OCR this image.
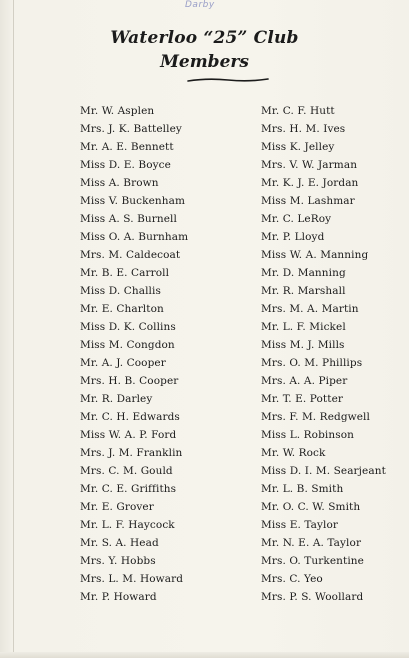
Darby
Waterloo “25” Club
Members
Mr. W. Asplen
Mrs. J. K. Battelley
Mr. A. E. Bennett
Miss D. E. Boyce
Miss A. Brown
Miss V. Buckenham
Miss A. S. Burnell
Miss O. A. Burnham
Mrs. M. Caldecoat
Mr. B. E. Carroll
Miss D. Challis
Mr. E. Charlton
Miss D. K. Collins
Miss M. Congdon
Mr. A. J. Cooper
Mrs. H. B. Cooper
Mr. R. Darley
Mr. C. H. Edwards
Miss W. A. P. Ford
Mrs. J. M. Franklin
Mrs. C. M. Gould
Mr. C. E. Griffiths
Mr. E. Grover
Mr. L. F. Haycock
Mr. S. A. Head
Mrs. Y. Hobbs
Mrs. L. M. Howard
Mr. P. Howard
Mr. C. F. Hutt
Mrs. H. M. Ives
Miss K. Jelley
Mrs. V. W. Jarman
Mr. K. J. E. Jordan
Miss M. Lashmar
Mr. C. LeRoy
Mr. P. Lloyd
Miss W. A. Manning
Mr. D. Manning
Mr. R. Marshall
Mrs. M. A. Martin
Mr. L. F. Mickel
Miss M. J. Mills
Mrs. O. M. Phillips
Mrs. A. A. Piper
Mr. T. E. Potter
Mrs. F. M. Redgwell
Miss L. Robinson
Mr. W. Rock
Miss D. I. M. Searjeant
Mr. L. B. Smith
Mr. O. C. W. Smith
Miss E. Taylor
Mr. N. E. A. Taylor
Mrs. O. Turkentine
Mrs. C. Yeo
Mrs. P. S. Woollard
